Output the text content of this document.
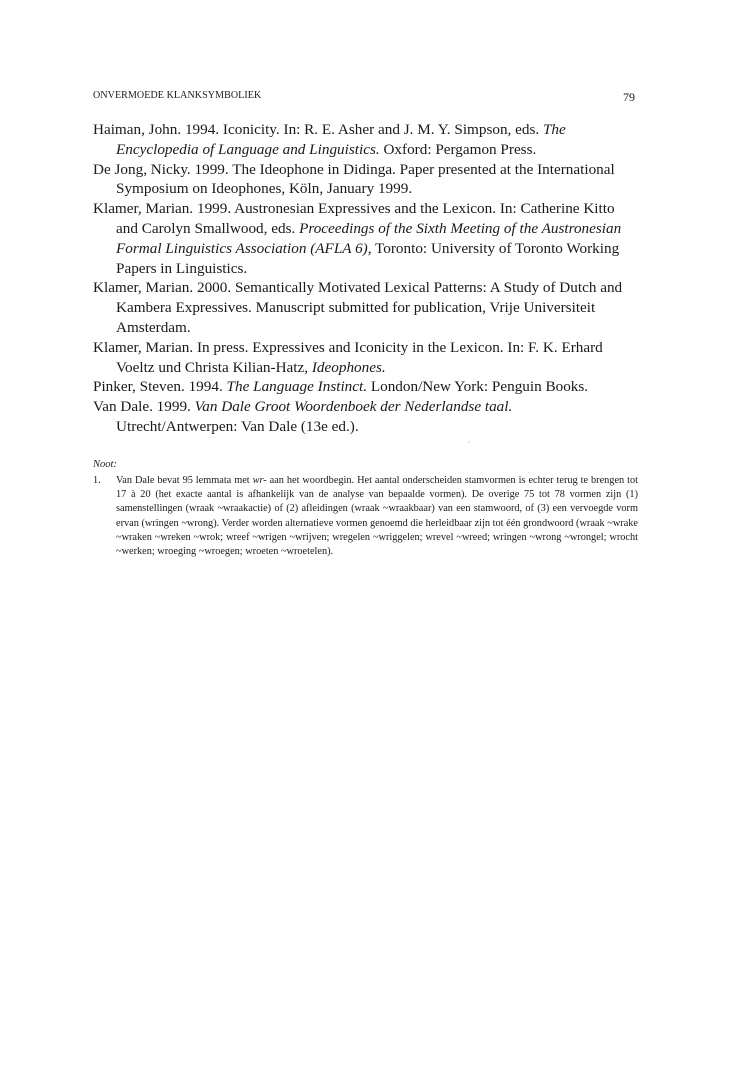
ONVERMOEDE KLANKSYMBOLIEK	79

Haiman, John. 1994. Iconicity. In: R. E. Asher and J. M. Y. Simpson, eds. The Encyclopedia of Language and Linguistics. Oxford: Pergamon Press.

De Jong, Nicky. 1999. The Ideophone in Didinga. Paper presented at the International Symposium on Ideophones, Köln, January 1999.

Klamer, Marian. 1999. Austronesian Expressives and the Lexicon. In: Catherine Kitto and Carolyn Smallwood, eds. Proceedings of the Sixth Meeting of the Austronesian Formal Linguistics Association (AFLA 6), Toronto: University of Toronto Working Papers in Linguistics.

Klamer, Marian. 2000. Semantically Motivated Lexical Patterns: A Study of Dutch and Kambera Expressives. Manuscript submitted for publication, Vrije Universiteit Amsterdam.

Klamer, Marian. In press. Expressives and Iconicity in the Lexicon. In: F. K. Erhard Voeltz und Christa Kilian-Hatz, Ideophones.

Pinker, Steven. 1994. The Language Instinct. London/New York: Penguin Books.

Van Dale. 1999. Van Dale Groot Woordenboek der Nederlandse taal.
Utrecht/Antwerpen: Van Dale (13e ed.).

Noot:

1. Van Dale bevat 95 lemmata met wr- aan het woordbegin. Het aantal onderscheiden stamvormen is echter terug te brengen tot 17 à 20 (het exacte aantal is afhankelijk van de analyse van bepaalde vormen). De overige 75 tot 78 vormen zijn (1) samenstellingen (wraak ~wraakactie) of (2) afleidingen (wraak ~wraakbaar) van een stamwoord, of (3) een vervoegde vorm ervan (wringen ~wrong). Verder worden alternatieve vormen genoemd die herleidbaar zijn tot één grondwoord (wraak ~wrake ~wraken ~wreken ~wrok; wreef ~wrigen ~wrijven; wregelen ~wriggelen; wrevel ~wreed; wringen ~wrong ~wrongel; wrocht ~werken; wroeging ~wroegen; wroeten ~wroetelen).
